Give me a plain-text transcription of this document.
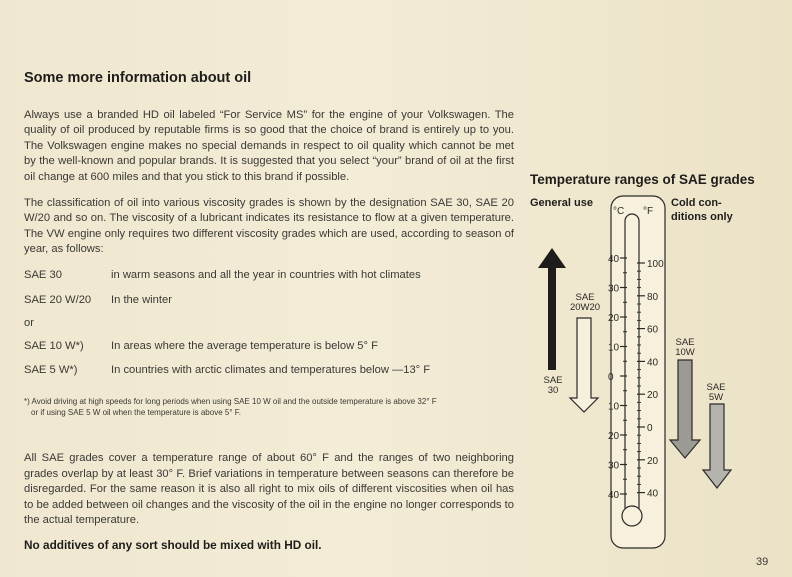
Some more information about oil
Always use a branded HD oil labeled “For Service MS” for the engine of your Volkswagen. The quality of oil produced by reputable firms is so good that the choice of brand is entirely up to you. The Volkswagen engine makes no special demands in respect to oil quality which cannot be met by the well-known and popular brands. It is suggested that you select “your” brand of oil at the first oil change at 600 miles and that you stick to this brand if possible.
The classification of oil into various viscosity grades is shown by the designation SAE 30, SAE 20 W/20 and so on. The viscosity of a lubricant indicates its resistance to flow at a given temperature. The VW engine only requires two different viscosity grades which are used, according to season of year, as follows:
SAE 30	in warm seasons and all the year in countries with hot climates
SAE 20 W/20 In the winter
or
SAE 10 W*) In areas where the average temperature is below 5° F
SAE 5 W*)	In countries with arctic climates and temperatures below —13° F
*) Avoid driving at high speeds for long periods when using SAE 10 W oil and the outside temperature is above 32° F
or if using SAE 5 W oil when the temperature is above 5° F.
All SAE grades cover a temperature range of about 60° F and the ranges of two neighboring grades overlap by at least 30° F. Brief variations in temperature between seasons can therefore be disregarded. For the same reason it is also all right to mix oils of different viscosities when oil has to be added between oil changes and the viscosity of the oil in the engine no longer corresponds to the actual temperature.
No additives of any sort should be mixed with HD oil.
39
40
30
20
10
0
10
20
30
40
100
80
60
40
20
0
20
40
°C °F
Temperature ranges of SAE grades
General use	Cold con-
ditions only
SAE
30
SAE
20W20
SAE
10W
SAE
5W
